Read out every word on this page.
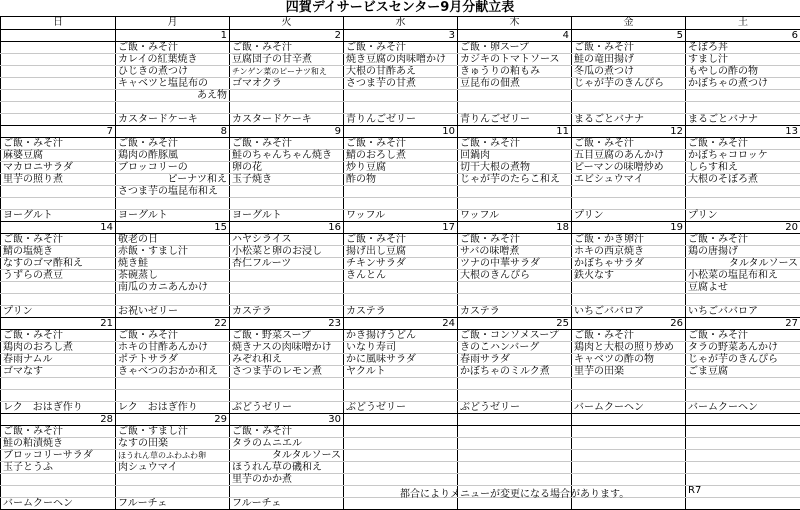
四賀デイサービスセンター9月分献立表
日	月	火	水	木	金	土
	1	2	3	4	5	6
	ご飯・みそ汁	ご飯・みそ汁	ご飯・みそ汁	ご飯・卵スープ	ご飯・みそ汁	そぼろ丼
	カレイの紅葉焼き	豆腐団子の甘辛煮	焼き豆腐の肉味噌かけ	カジキのトマトソース	鮭の竜田揚げ	すまし汁
	ひじきの煮つけ	チンゲン菜のピーナツ和え	大根の甘酢あえ	きゅうりの粕もみ	冬瓜の煮つけ	もやしの酢の物
	キャベツと塩昆布の	ゴマオクラ	さつま芋の甘煮	豆昆布の佃煮	じゃが芋のきんぴら	かぼちゃの煮つけ
	あえ物					

	カスタードケーキ	カスタードケーキ	青りんごゼリー	青りんごゼリー	まるごとバナナ	まるごとバナナ
7	8	9	10	11	12	13
ご飯・みそ汁	ご飯・みそ汁	ご飯・みそ汁	ご飯・みそ汁	ご飯・みそ汁	ご飯・みそ汁	ご飯・みそ汁
麻婆豆腐	鶏肉の酢豚風	鮭のちゃんちゃん焼き	鯖のおろし煮	回鍋肉	五目豆腐のあんかけ	かぼちゃコロッケ
マカロニサラダ	ブロッコリーの	卵の花	炒り豆腐	切干大根の煮物	ピーマンの味噌炒め	しらす和え
里芋の照り煮	ピーナツ和え	玉子焼き	酢の物	じゃが芋のたらこ和え	エビシュウマイ	大根のそぼろ煮
	さつま芋の塩昆布和え					

ヨーグルト	ヨーグルト	ヨーグルト	ワッフル	ワッフル	プリン	プリン
14	15	16	17	18	19	20
ご飯・みそ汁	敬老の日	ハヤシライス	ご飯・みそ汁	ご飯・みそ汁	ご飯・かき卵汁	ご飯・みそ汁
鯖の塩焼き	赤飯・すまし汁	小松菜と卵のお浸し	揚げ出し豆腐	サバの味噌煮	ホキの西京焼き	鶏の唐揚げ
なすのゴマ酢和え	焼き鮭	杏仁フルーツ	チキンサラダ	ツナの中華サラダ	かぼちゃサラダ	タルタルソース
うずらの煮豆	茶碗蒸し		きんとん	大根のきんぴら	鉄火なす	小松菜の塩昆布和え
	南瓜のカニあんかけ					豆腐よせ

プリン	お祝いゼリー	カステラ	カステラ	カステラ	いちごババロア	いちごババロア
21	22	23	24	25	26	27
ご飯・みそ汁	ご飯・みそ汁	ご飯・野菜スープ	かき揚げうどん	ご飯・コンソメスープ	ご飯・みそ汁	ご飯・みそ汁
鶏肉のおろし煮	ホキの甘酢あんかけ	焼きナスの肉味噌かけ	いなり寿司	きのこハンバーグ	鶏肉と大根の照り炒め	タラの野菜あんかけ
春雨ナムル	ポテトサラダ	みぞれ和え	かに風味サラダ	春雨サラダ	キャベツの酢の物	じゃが芋のきんぴら
ゴマなす	きゃべつのおかか和え	さつま芋のレモン煮	ヤクルト	かぼちゃのミルク煮	里芋の田楽	ごま豆腐

レク　おはぎ作り	レク　おはぎ作り	ぶどうゼリー	ぶどうゼリー	ぶどうゼリー	バームクーヘン	バームクーヘン
28	29	30				
ご飯・みそ汁	ご飯・すまし汁	ご飯・みそ汁				
鮭の粕漬焼き	なすの田楽	タラのムニエル				
ブロッコリーサラダ	ほうれん草のふわふわ卵	タルタルソース				
玉子とうふ	肉シュウマイ	ほうれん草の磯和え				
		里芋のかか煮				

バームクーヘン	フルーチェ	フルーチェ				
都合によりメニューが変更になる場合があります。	R7
